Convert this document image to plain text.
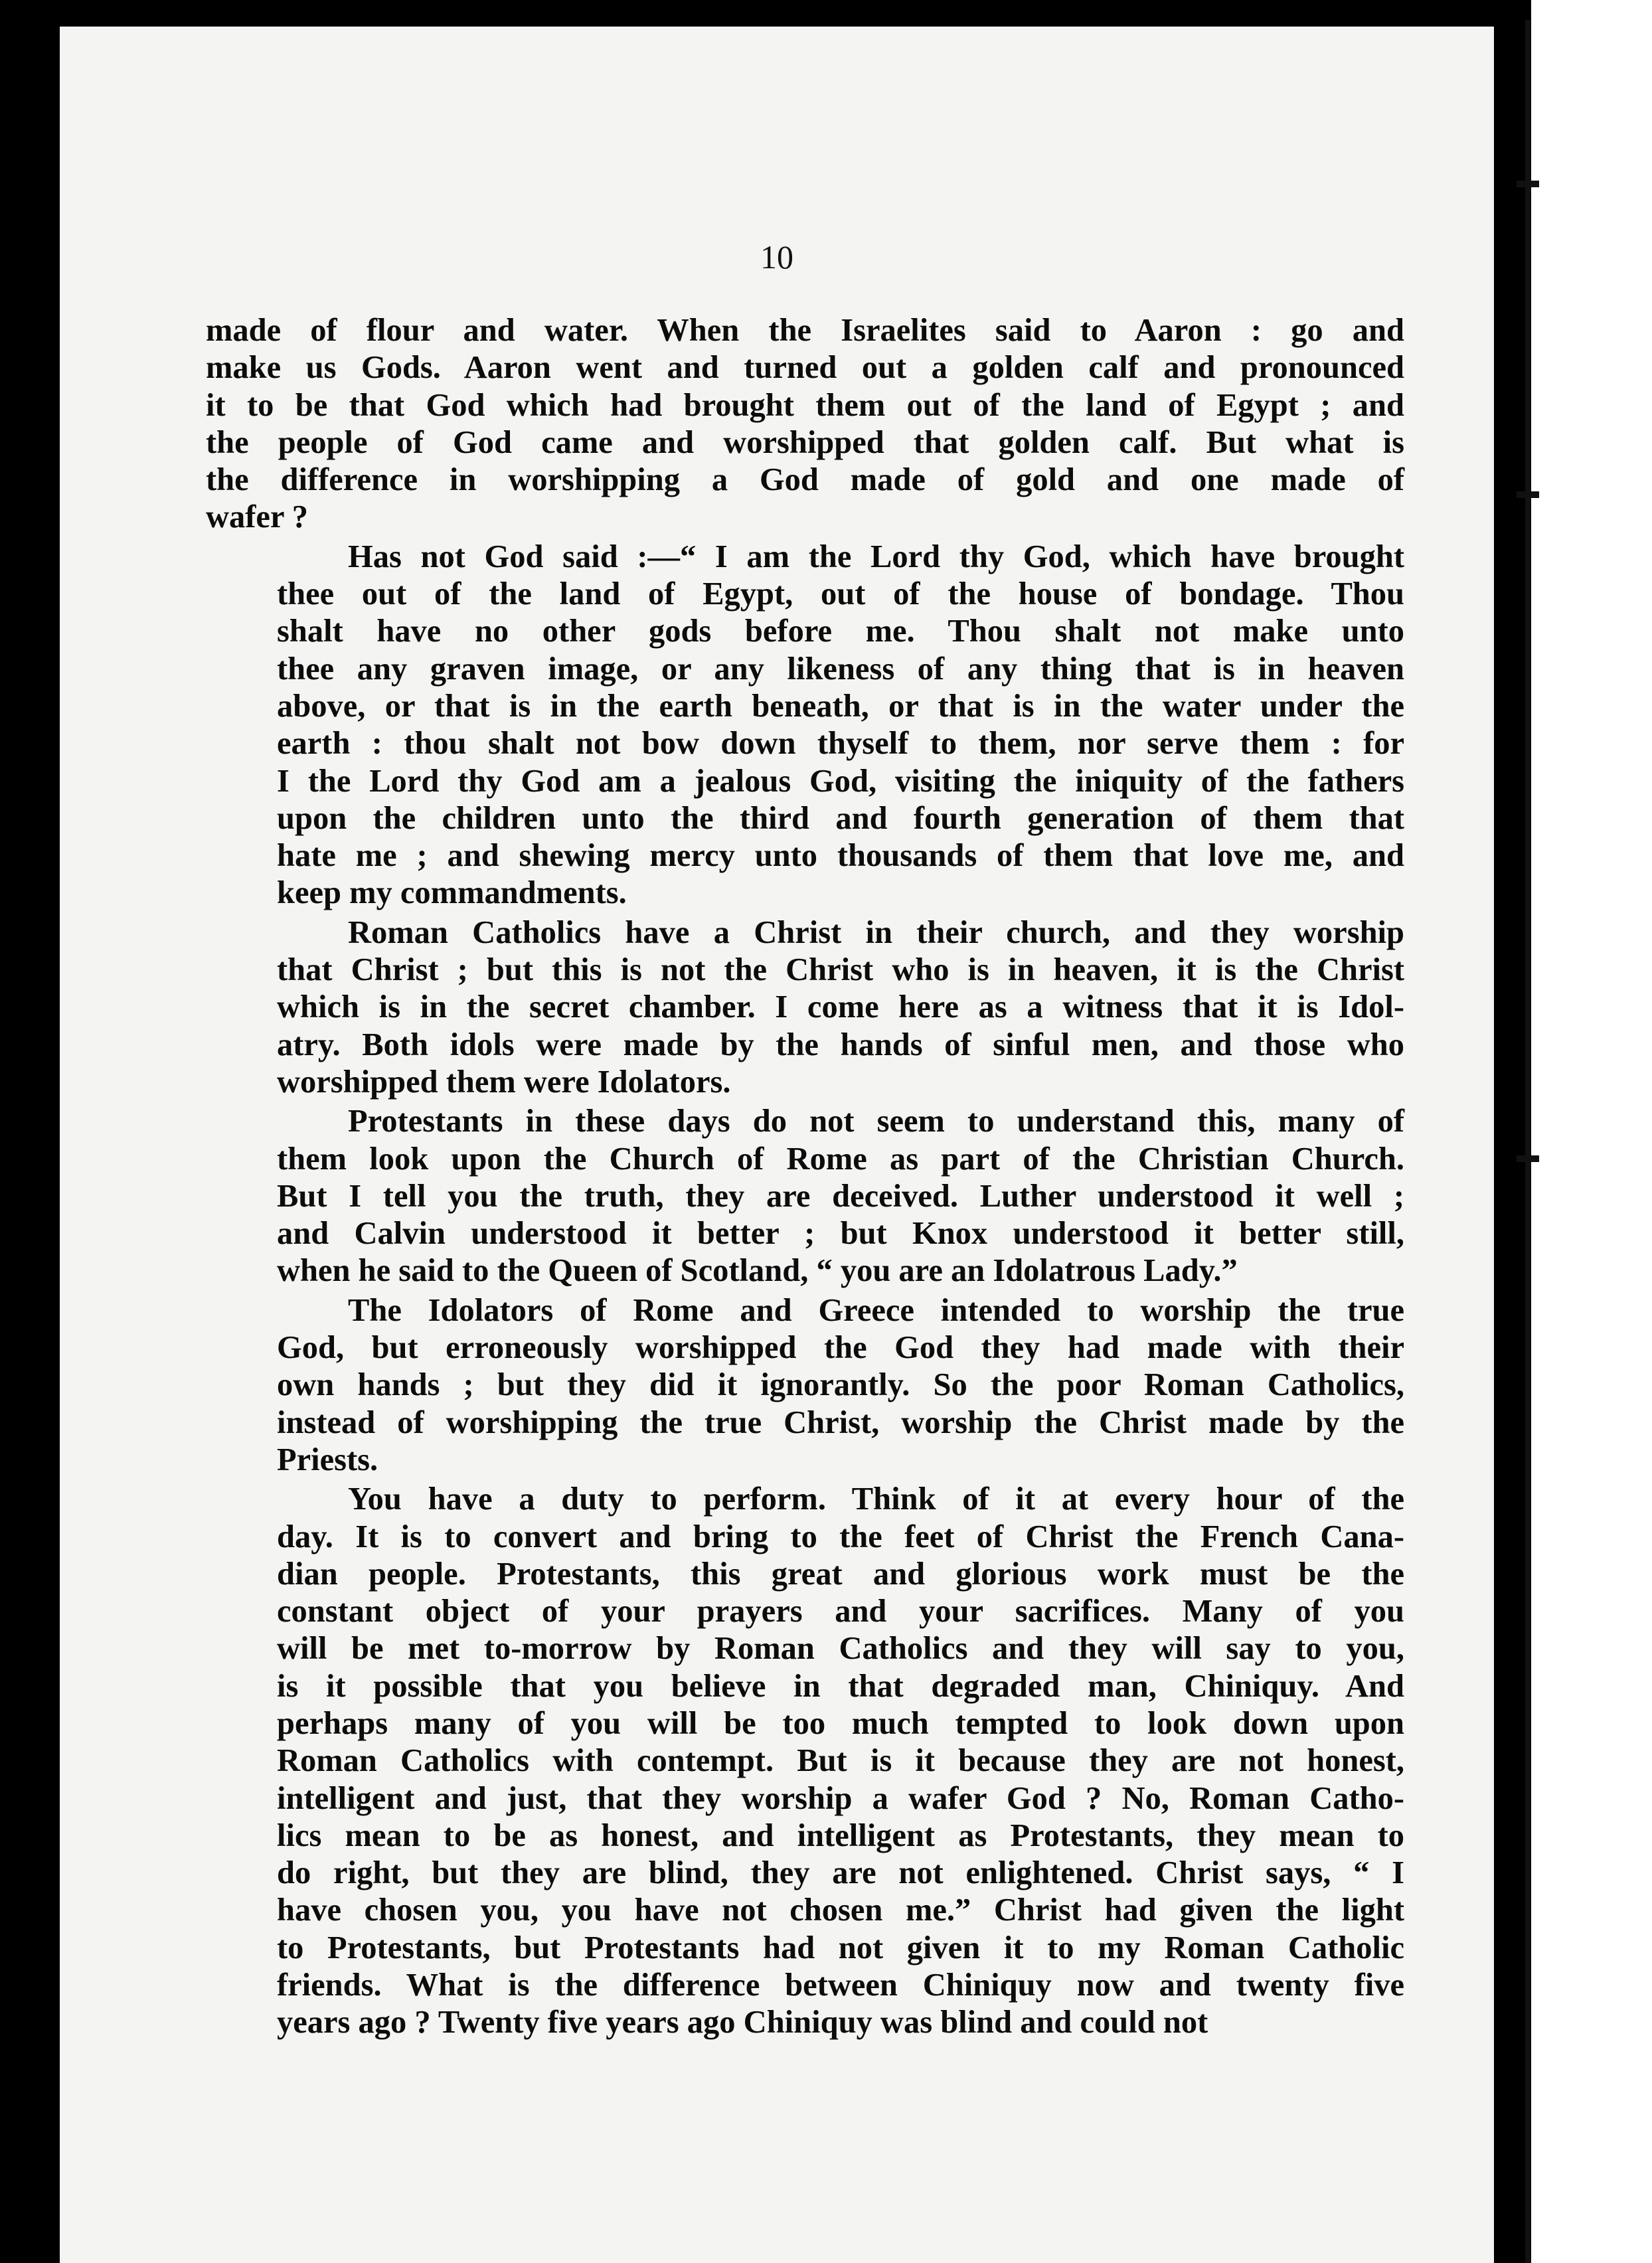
10
made of flour and water. When the Israelites said to Aaron : go and
make us Gods. Aaron went and turned out a golden calf and pronounced
it to be that God which had brought them out of the land of Egypt ; and
the people of God came and worshipped that golden calf. But what is
the difference in worshipping a God made of gold and one made of
wafer ?
Has not God said :—“ I am the Lord thy God, which have brought
thee out of the land of Egypt, out of the house of bondage. Thou
shalt have no other gods before me. Thou shalt not make unto
thee any graven image, or any likeness of any thing that is in heaven
above, or that is in the earth beneath, or that is in the water under the
earth : thou shalt not bow down thyself to them, nor serve them : for
I the Lord thy God am a jealous God, visiting the iniquity of the fathers
upon the children unto the third and fourth generation of them that
hate me ; and shewing mercy unto thousands of them that love me, and
keep my commandments.
Roman Catholics have a Christ in their church, and they worship
that Christ ; but this is not the Christ who is in heaven, it is the Christ
which is in the secret chamber. I come here as a witness that it is Idol-
atry. Both idols were made by the hands of sinful men, and those who
worshipped them were Idolators.
Protestants in these days do not seem to understand this, many of
them look upon the Church of Rome as part of the Christian Church.
But I tell you the truth, they are deceived. Luther understood it well ;
and Calvin understood it better ; but Knox understood it better still,
when he said to the Queen of Scotland, “ you are an Idolatrous Lady.”
The Idolators of Rome and Greece intended to worship the true
God, but erroneously worshipped the God they had made with their
own hands ; but they did it ignorantly. So the poor Roman Catholics,
instead of worshipping the true Christ, worship the Christ made by the
Priests.
You have a duty to perform. Think of it at every hour of the
day. It is to convert and bring to the feet of Christ the French Cana-
dian people. Protestants, this great and glorious work must be the
constant object of your prayers and your sacrifices. Many of you
will be met to-morrow by Roman Catholics and they will say to you,
is it possible that you believe in that degraded man, Chiniquy. And
perhaps many of you will be too much tempted to look down upon
Roman Catholics with contempt. But is it because they are not honest,
intelligent and just, that they worship a wafer God ? No, Roman Catho-
lics mean to be as honest, and intelligent as Protestants, they mean to
do right, but they are blind, they are not enlightened. Christ says, “ I
have chosen you, you have not chosen me.” Christ had given the light
to Protestants, but Protestants had not given it to my Roman Catholic
friends. What is the difference between Chiniquy now and twenty five
years ago ? Twenty five years ago Chiniquy was blind and could not
